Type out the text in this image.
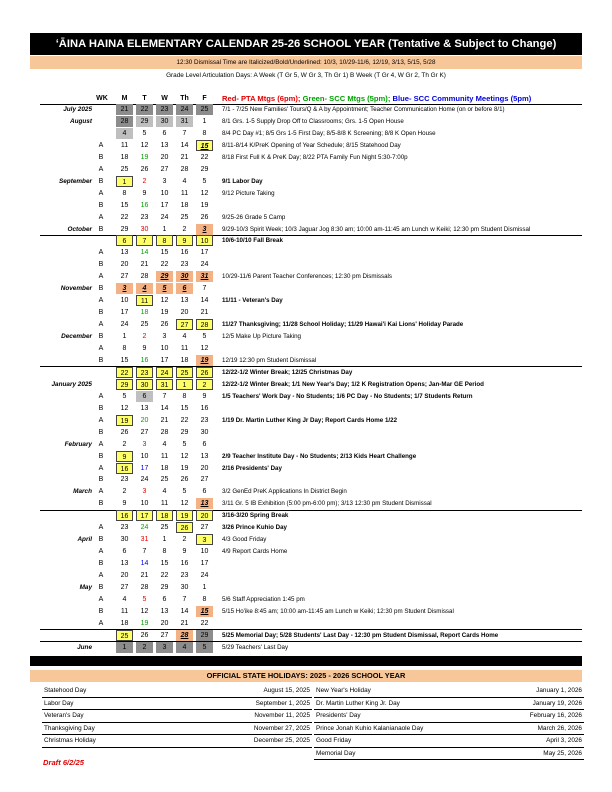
ʻĀINA HAINA ELEMENTARY CALENDAR 25-26 SCHOOL YEAR (Tentative & Subject to Change)
12:30 Dismissal Time are Italicized/Bold/Underlined: 10/3, 10/29-11/6, 12/19, 3/13, 5/15, 5/28
Grade Level Articulation Days: A Week (T Gr 5, W Gr 3, Th Gr 1) B Week (T Gr 4, W Gr 2, Th Gr K)
WK	M	T	W	Th	F	Red- PTA Mtgs (6pm); Green- SCC Mtgs (5pm); Blue- SCC Community Meetings (5pm)
July 2025	21	22	23	24	25	7/1 - 7/25 New Families' Tours/Q & A by Appointment; Teacher Communication Home (on or before 8/1)
August	28	29	30	31	1	8/1 Grs. 1-5 Supply Drop Off to Classrooms; Grs. 1-5 Open House
4	5	6	7	8	8/4 PC Day #1; 8/5 Grs 1-5 First Day; 8/5-8/8 K Screening; 8/8 K Open House
A	11	12	13	14	15	8/11-8/14 K/PreK Opening of Year Schedule; 8/15 Statehood Day
B	18	19	20	21	22	8/18 First Full K & PreK Day; 8/22 PTA Family Fun Night 5:30-7:00p
A	25	26	27	28	29
September B	1	2	3	4	5	9/1 Labor Day
A	8	9	10	11	12	9/12 Picture Taking
B	15	16	17	18	19
A	22	23	24	25	26	9/25-26 Grade 5 Camp
October B	29	30	1	2	3	9/29-10/3 Spirit Week; 10/3 Jaguar Jog 8:30 am; 10:00 am-11:45 am Lunch w Keiki; 12:30 pm Student Dismissal
6	7	8	9	10	10/6-10/10 Fall Break
A	13	14	15	16	17
B	20	21	22	23	24
A	27	28	29	30	31	10/29-11/6 Parent Teacher Conferences; 12:30 pm Dismissals
November B	3	4	5	6	7
A	10	11	12	13	14	11/11 - Veteran's Day
B	17	18	19	20	21
A	24	25	26	27	28	11/27 Thanksgiving; 11/28 School Holiday; 11/29 Hawai'i Kai Lions' Holiday Parade
December B	1	2	3	4	5	12/5 Make Up Picture Taking
A	8	9	10	11	12
B	15	16	17	18	19	12/19 12:30 pm Student Dismissal
22	23	24	25	26	12/22-1/2 Winter Break; 12/25 Christmas Day
January 2025	29	30	31	1	2	12/22-1/2 Winter Break; 1/1 New Year's Day; 1/2 K Registration Opens; Jan-Mar GE Period
A	5	6	7	8	9	1/5 Teachers' Work Day - No Students; 1/6 PC Day - No Students; 1/7 Students Return
B	12	13	14	15	16
A	19	20	21	22	23	1/19 Dr. Martin Luther King Jr Day; Report Cards Home 1/22
B	26	27	28	29	30
February A	2	3	4	5	6
B	9	10	11	12	13	2/9 Teacher Institute Day - No Students; 2/13 Kids Heart Challenge
A	16	17	18	19	20	2/16 Presidents' Day
B	23	24	25	26	27
March A	2	3	4	5	6	3/2 GenEd PreK Applications In District Begin
B	9	10	11	12	13	3/11 Gr. 5 IB Exhibition (5:00 pm-6:00 pm); 3/13 12:30 pm Student Dismissal
16	17	18	19	20	3/16-3/20 Spring Break
A	23	24	25	26	27	3/26 Prince Kuhio Day
April B	30	31	1	2	3	4/3 Good Friday
A	6	7	8	9	10	4/9 Report Cards Home
B	13	14	15	16	17
A	20	21	22	23	24
May B	27	28	29	30	1
A	4	5	6	7	8	5/6 Staff Appreciation 1:45 pm
B	11	12	13	14	15	5/15 Ho'ike 8:45 am; 10:00 am-11:45 am Lunch w Keiki; 12:30 pm Student Dismissal
A	18	19	20	21	22
25	26	27	28	29	5/25 Memorial Day; 5/28 Students' Last Day - 12:30 pm Student Dismissal, Report Cards Home
June	1	2	3	4	5	5/29 Teachers' Last Day
OFFICIAL STATE HOLIDAYS: 2025 - 2026 SCHOOL YEAR
Statehood Day	August 15, 2025
Labor Day	September 1, 2025
Veteran's Day	November 11, 2025
Thanksgiving Day	November 27, 2025
Christmas Holiday	December 25, 2025
New Year's Holiday	January 1, 2026
Dr. Martin Luther King Jr. Day	January 19, 2026
Presidents' Day	February 16, 2026
Prince Jonah Kuhio Kalanianaole Day	March 26, 2026
Good Friday	April 3, 2026
Memorial Day	May 25, 2026
Draft 6/2/25
